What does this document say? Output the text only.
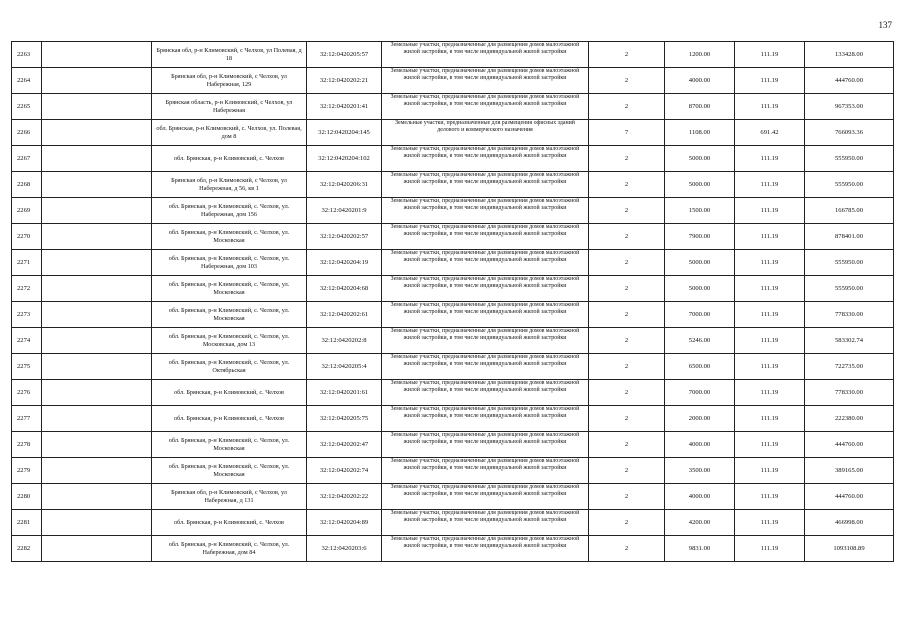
137
2263		Брянская обл, р-н Климовский, с Челхов, ул Полевая, д 18	32:12:0420205:57	Земельные участки, предназначенные для размещения домов малоэтажной жилой застройки, в том числе индивидуальной жилой застройки	2	1200.00	111.19	133428.00
2264		Брянская обл, р-н Климовский, с Челхов, ул Набережная, 129	32:12:0420202:21	Земельные участки, предназначенные для размещения домов малоэтажной жилой застройки, в том числе индивидуальной жилой застройки	2	4000.00	111.19	444760.00
2265		Брянская область, р-н Климовский, с Челхов, ул Набережная	32:12:0420201:41	Земельные участки, предназначенные для размещения домов малоэтажной жилой застройки, в том числе индивидуальной жилой застройки	2	8700.00	111.19	967353.00
2266		обл. Брянская, р-н Климовский, с. Челхов, ул. Полевая, дом 8	32:12:0420204:145	Земельные участки, предназначенные для размещения офисных зданий делового и коммерческого назначения	7	1108.00	691.42	766093.36
2267		обл. Брянская, р-н Климовский, с. Челхов	32:12:0420204:102	Земельные участки, предназначенные для размещения домов малоэтажной жилой застройки, в том числе индивидуальной жилой застройки	2	5000.00	111.19	555950.00
2268		Брянская обл, р-н Климовский, с Челхов, ул Набережная, д 56, кв 1	32:12:0420206:31	Земельные участки, предназначенные для размещения домов малоэтажной жилой застройки, в том числе индивидуальной жилой застройки	2	5000.00	111.19	555950.00
2269		обл. Брянская, р-н Климовский, с. Челхов, ул. Набережная, дом 156	32:12:0420201:9	Земельные участки, предназначенные для размещения домов малоэтажной жилой застройки, в том числе индивидуальной жилой застройки	2	1500.00	111.19	166785.00
2270		обл. Брянская, р-н Климовский, с. Челхов, ул. Московская	32:12:0420202:57	Земельные участки, предназначенные для размещения домов малоэтажной жилой застройки, в том числе индивидуальной жилой застройки	2	7900.00	111.19	878401.00
2271		обл. Брянская, р-н Климовский, с. Челхов, ул. Набережная, дом 103	32:12:0420204:19	Земельные участки, предназначенные для размещения домов малоэтажной жилой застройки, в том числе индивидуальной жилой застройки	2	5000.00	111.19	555950.00
2272		обл. Брянская, р-н Климовский, с. Челхов, ул. Московская	32:12:0420204:68	Земельные участки, предназначенные для размещения домов малоэтажной жилой застройки, в том числе индивидуальной жилой застройки	2	5000.00	111.19	555950.00
2273		обл. Брянская, р-н Климовский, с. Челхов, ул. Московская	32:12:0420202:61	Земельные участки, предназначенные для размещения домов малоэтажной жилой застройки, в том числе индивидуальной жилой застройки	2	7000.00	111.19	778330.00
2274		обл. Брянская, р-н Климовский, с. Челхов, ул. Московская, дом 13	32:12:0420202:8	Земельные участки, предназначенные для размещения домов малоэтажной жилой застройки, в том числе индивидуальной жилой застройки	2	5246.00	111.19	583302.74
2275		обл. Брянская, р-н Климовский, с. Челхов, ул. Октябрьская	32:12:0420205:4	Земельные участки, предназначенные для размещения домов малоэтажной жилой застройки, в том числе индивидуальной жилой застройки	2	6500.00	111.19	722735.00
2276		обл. Брянская, р-н Климовский, с. Челхов	32:12:0420201:61	Земельные участки, предназначенные для размещения домов малоэтажной жилой застройки, в том числе индивидуальной жилой застройки	2	7000.00	111.19	778330.00
2277		обл. Брянская, р-н Климовский, с. Челхов	32:12:0420205:75	Земельные участки, предназначенные для размещения домов малоэтажной жилой застройки, в том числе индивидуальной жилой застройки	2	2000.00	111.19	222380.00
2278		обл. Брянская, р-н Климовский, с. Челхов, ул. Московская	32:12:0420202:47	Земельные участки, предназначенные для размещения домов малоэтажной жилой застройки, в том числе индивидуальной жилой застройки	2	4000.00	111.19	444760.00
2279		обл. Брянская, р-н Климовский, с. Челхов, ул. Московская	32:12:0420202:74	Земельные участки, предназначенные для размещения домов малоэтажной жилой застройки, в том числе индивидуальной жилой застройки	2	3500.00	111.19	389165.00
2280		Брянская обл, р-н Климовский, с Челхов, ул Набережная, д 131	32:12:0420202:22	Земельные участки, предназначенные для размещения домов малоэтажной жилой застройки, в том числе индивидуальной жилой застройки	2	4000.00	111.19	444760.00
2281		обл. Брянская, р-н Климовский, с. Челхов	32:12:0420204:89	Земельные участки, предназначенные для размещения домов малоэтажной жилой застройки, в том числе индивидуальной жилой застройки	2	4200.00	111.19	466998.00
2282		обл. Брянская, р-н Климовский, с. Челхов, ул. Набережная, дом 84	32:12:0420203:6	Земельные участки, предназначенные для размещения домов малоэтажной жилой застройки, в том числе индивидуальной жилой застройки	2	9831.00	111.19	1093108.89
